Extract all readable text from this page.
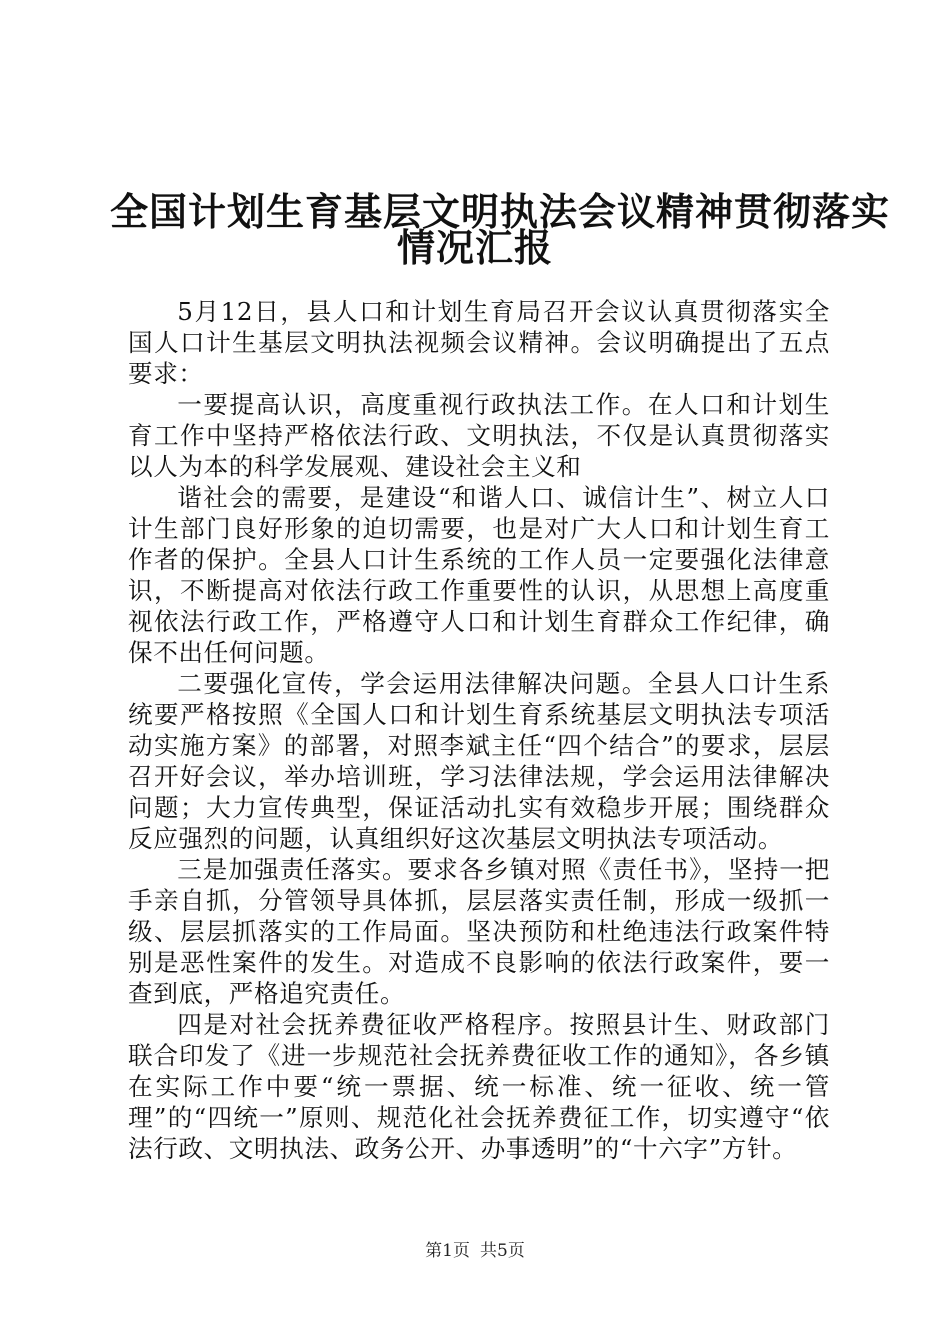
全国计划生育基层文明执法会议精神贯彻落实
情况汇报

5月12日，县人口和计划生育局召开会议认真贯彻落实全国人口计生基层文明执法视频会议精神。会议明确提出了五点要求：

一要提高认识，高度重视行政执法工作。在人口和计划生育工作中坚持严格依法行政、文明执法，不仅是认真贯彻落实以人为本的科学发展观、建设社会主义和

谐社会的需要，是建设“和谐人口、诚信计生”、树立人口计生部门良好形象的迫切需要，也是对广大人口和计划生育工作者的保护。全县人口计生系统的工作人员一定要强化法律意识，不断提高对依法行政工作重要性的认识，从思想上高度重视依法行政工作，严格遵守人口和计划生育群众工作纪律，确保不出任何问题。

二要强化宣传，学会运用法律解决问题。全县人口计生系统要严格按照《全国人口和计划生育系统基层文明执法专项活动实施方案》的部署，对照李斌主任“四个结合”的要求，层层召开好会议，举办培训班，学习法律法规，学会运用法律解决问题；大力宣传典型，保证活动扎实有效稳步开展；围绕群众反应强烈的问题，认真组织好这次基层文明执法专项活动。

三是加强责任落实。要求各乡镇对照《责任书》，坚持一把手亲自抓，分管领导具体抓，层层落实责任制，形成一级抓一级、层层抓落实的工作局面。坚决预防和杜绝违法行政案件特别是恶性案件的发生。对造成不良影响的依法行政案件，要一查到底，严格追究责任。

四是对社会抚养费征收严格程序。按照县计生、财政部门联合印发了《进一步规范社会抚养费征收工作的通知》，各乡镇在实际工作中要“统一票据、统一标准、统一征收、统一管理”的“四统一”原则、规范化社会抚养费征工作，切实遵守“依法行政、文明执法、政务公开、办事透明”的“十六字”方针。

第1页 共5页
